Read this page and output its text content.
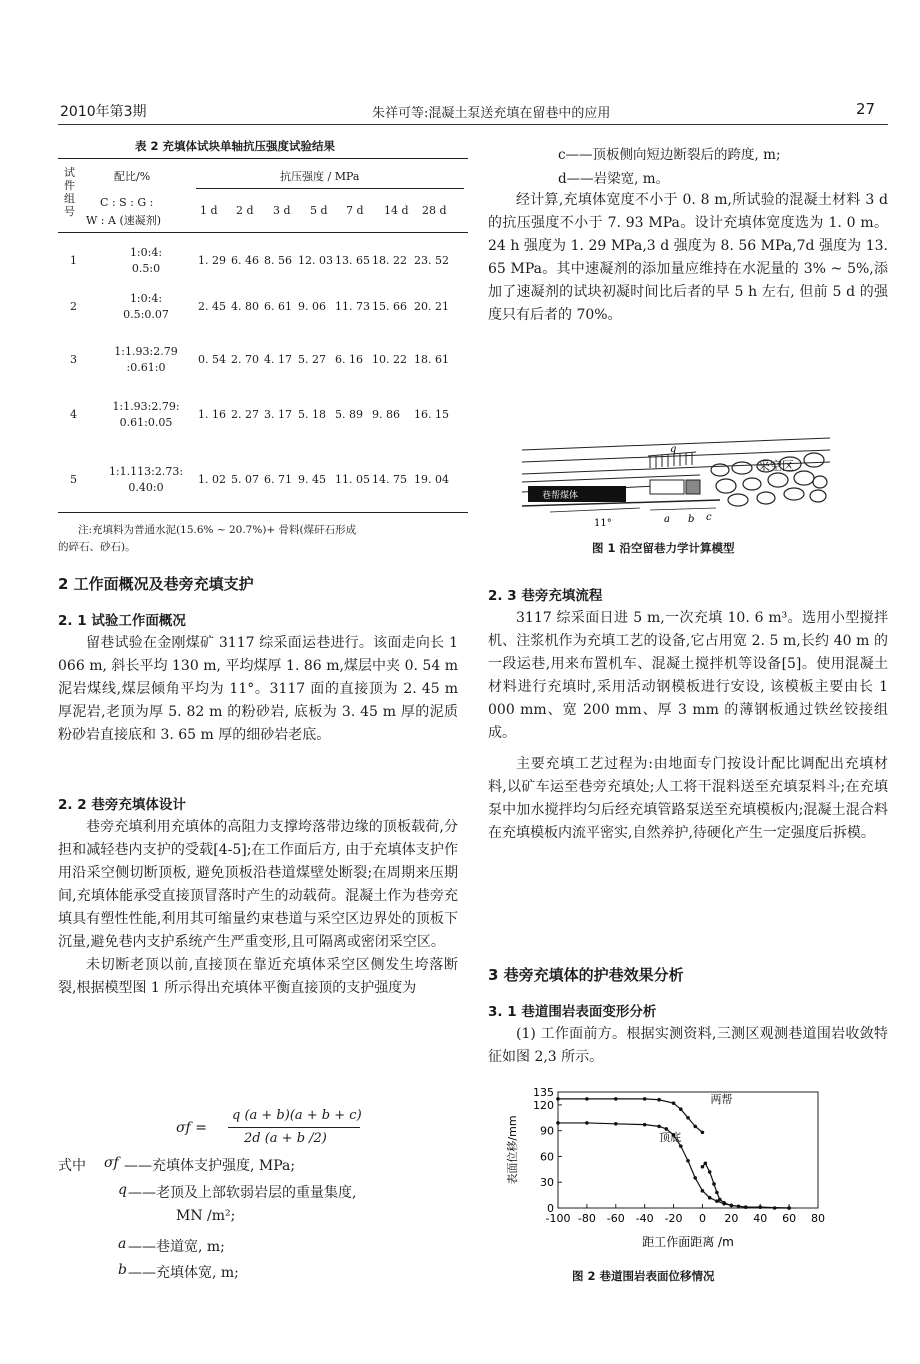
2010年第3期	朱祥可等:混凝土泵送充填在留巷中的应用	27
表 2 充填体试块单轴抗压强度试验结果
试件组号
配比/%
C : S : G :
W : A (速凝剂)
抗压强度 / MPa
1 d 2 d 3 d 5 d 7 d 14 d 28 d
1
1:0:4:
0.5:0
1. 29 6. 46 8. 56 12. 03 13. 65 18. 22 23. 52
2
1:0:4:
0.5:0.07
2. 45 4. 80 6. 61 9. 06 11. 73 15. 66 20. 21
3
1:1.93:2.79
:0.61:0
0. 54 2. 70 4. 17 5. 27 6. 16 10. 22 18. 61
4
1:1.93:2.79:
0.61:0.05
1. 16 2. 27 3. 17 5. 18 5. 89 9. 86 16. 15
5
1:1.113:2.73:
0.40:0
1. 02 5. 07 6. 71 9. 45 11. 05 14. 75 19. 04
注:充填料为普通水泥(15.6% ~ 20.7%)+ 骨料(煤矸石形成
的碎石、砂石)。
2 工作面概况及巷旁充填支护
2. 1 试验工作面概况

留巷试验在金刚煤矿 3117 综采面运巷进行。该面走向长 1 066 m, 斜长平均 130 m, 平均煤厚 1. 86 m,煤层中夹 0. 54 m 泥岩煤线,煤层倾角平均为 11°。3117 面的直接顶为 2. 45 m 厚泥岩,老顶为厚 5. 82 m 的粉砂岩, 底板为 3. 45 m 厚的泥质粉砂岩直接底和 3. 65 m 厚的细砂岩老底。

2. 2 巷旁充填体设计

巷旁充填利用充填体的高阻力支撑垮落带边缘的顶板载荷,分担和减轻巷内支护的受载[4-5];在工作面后方, 由于充填体支护作用沿采空侧切断顶板, 避免顶板沿巷道煤壁处断裂;在周期来压期间,充填体能承受直接顶冒落时产生的动载荷。混凝土作为巷旁充填具有塑性性能,利用其可缩量约束巷道与采空区边界处的顶板下沉量,避免巷内支护系统产生严重变形,且可隔离或密闭采空区。

未切断老顶以前,直接顶在靠近充填体采空区侧发生垮落断裂,根据模型图 1 所示得出充填体平衡直接顶的支护强度为

σf =
q (a + b)(a + b + c)
2d (a + b /2)
式中 σf ——充填体支护强度, MPa;
q ——老顶及上部软弱岩层的重量集度,
MN /m²;
a ——巷道宽, m;
b ——充填体宽, m;
c——顶板侧向短边断裂后的跨度, m;
d——岩梁宽, m。

经计算,充填体宽度不小于 0. 8 m,所试验的混凝土材料 3 d 的抗压强度不小于 7. 93 MPa。设计充填体宽度选为 1. 0 m。24 h 强度为 1. 29 MPa,3 d 强度为 8. 56 MPa,7d 强度为 13. 65 MPa。其中速凝剂的添加量应维持在水泥量的 3% ~ 5%,添加了速凝剂的试块初凝时间比后者的早 5 h 左右, 但前 5 d 的强度只有后者的 70%。

q
采空区
巷帮煤体
a b c
11°
图 1 沿空留巷力学计算模型
2. 3 巷旁充填流程

3117 综采面日进 5 m,一次充填 10. 6 m³。选用小型搅拌机、注浆机作为充填工艺的设备,它占用宽 2. 5 m,长约 40 m 的一段运巷,用来布置机车、混凝土搅拌机等设备[5]。使用混凝土材料进行充填时,采用活动钢模板进行安设, 该模板主要由长 1 000 mm、宽 200 mm、厚 3 mm 的薄钢板通过铁丝铰接组成。

主要充填工艺过程为:由地面专门按设计配比调配出充填材料,以矿车运至巷旁充填处;人工将干混料送至充填泵料斗;在充填泵中加水搅拌均匀后经充填管路泵送至充填模板内;混凝土混合料在充填模板内流平密实,自然养护,待硬化产生一定强度后拆模。

3 巷旁充填体的护巷效果分析
3. 1 巷道围岩表面变形分析

(1) 工作面前方。根据实测资料,三测区观测巷道围岩收敛特征如图 2,3 所示。

0
30
60
90
120
135
-100 -80 -60 -40 -20 0 20 40 60 80
距工作面距离 /m
表面位移/mm
两帮
顶底
图 2 巷道围岩表面位移情况
